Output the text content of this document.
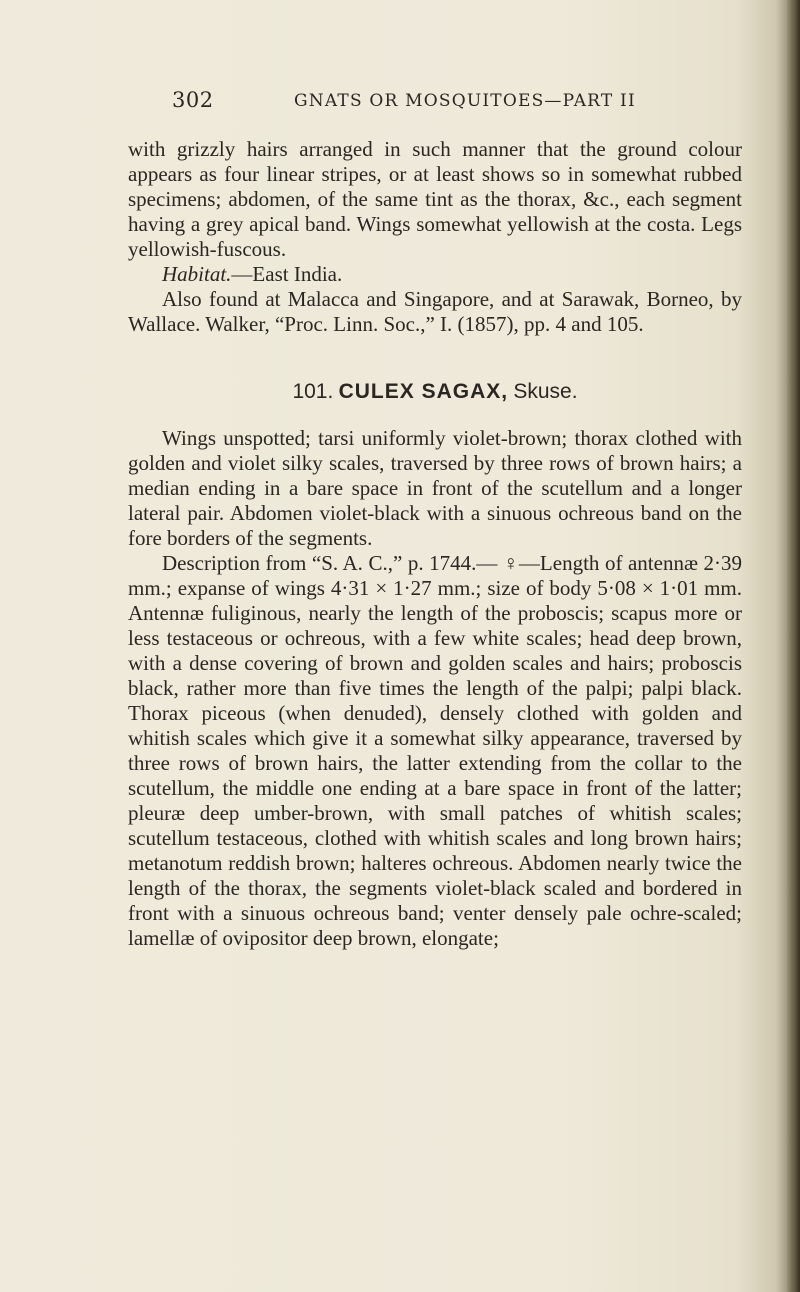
302	GNATS OR MOSQUITOES—PART II

with grizzly hairs arranged in such manner that the ground colour appears as four linear stripes, or at least shows so in somewhat rubbed specimens; abdomen, of the same tint as the thorax, &c., each segment having a grey apical band. Wings somewhat yellowish at the costa. Legs yellowish-fuscous.

Habitat.—East India.

Also found at Malacca and Singapore, and at Sarawak, Borneo, by Wallace. Walker, “Proc. Linn. Soc.,” I. (1857), pp. 4 and 105.

101. CULEX SAGAX, Skuse.

Wings unspotted; tarsi uniformly violet-brown; thorax clothed with golden and violet silky scales, traversed by three rows of brown hairs; a median ending in a bare space in front of the scutellum and a longer lateral pair. Abdomen violet-black with a sinuous ochreous band on the fore borders of the segments.

Description from “S. A. C.,” p. 1744.— ♀—Length of antennæ 2·39 mm.; expanse of wings 4·31 × 1·27 mm.; size of body 5·08 × 1·01 mm. Antennæ fuliginous, nearly the length of the proboscis; scapus more or less testaceous or ochreous, with a few white scales; head deep brown, with a dense covering of brown and golden scales and hairs; proboscis black, rather more than five times the length of the palpi; palpi black. Thorax piceous (when denuded), densely clothed with golden and whitish scales which give it a somewhat silky appearance, traversed by three rows of brown hairs, the latter extending from the collar to the scutellum, the middle one ending at a bare space in front of the latter; pleuræ deep umber-brown, with small patches of whitish scales; scutellum testaceous, clothed with whitish scales and long brown hairs; metanotum reddish brown; halteres ochreous. Abdomen nearly twice the length of the thorax, the segments violet-black scaled and bordered in front with a sinuous ochreous band; venter densely pale ochre-scaled; lamellæ of ovipositor deep brown, elongate;
